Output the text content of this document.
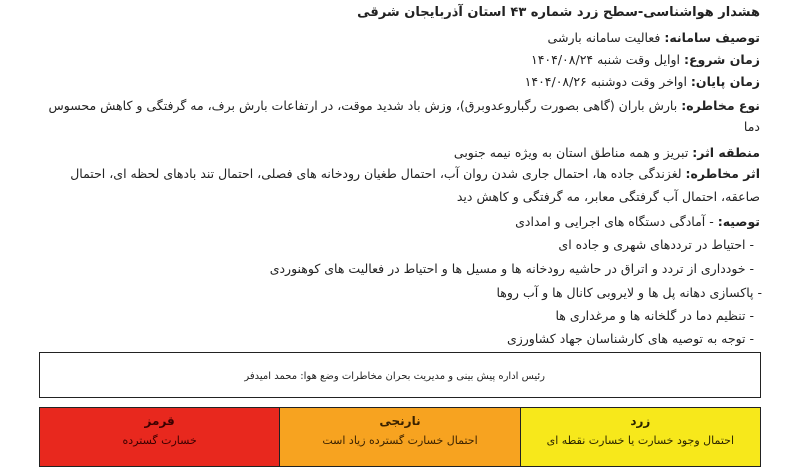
هشدار هواشناسی-سطح زرد شماره ۴۳ استان آذربایجان شرقی
توصیف سامانه: فعالیت سامانه بارشی
زمان شروع: اوایل وقت شنبه ۱۴۰۴/۰۸/۲۴
زمان پایان: اواخر وقت دوشنبه ۱۴۰۴/۰۸/۲۶
نوع مخاطره: بارش باران (گاهی بصورت رگبار‌وعدوبرق)، وزش باد شدید موقت، در ارتفاعات بارش برف، مه گرفتگی و کاهش محسوس
دما
منطقه اثر: تبریز و همه مناطق استان به ویژه نیمه جنوبی
اثر مخاطره: لغزندگی جاده ها، احتمال جاری شدن روان آب، احتمال طغیان رودخانه های فصلی، احتمال تند بادهای لحظه ای، احتمال
صاعقه، احتمال آب گرفتگی معابر، مه گرفتگی و کاهش دید
توصیه: - آمادگی دستگاه های اجرایی و امدادی
- احتیاط در ترددهای شهری و جاده ای
- خودداری از تردد و اتراق در حاشیه رودخانه ها و مسیل ها و احتیاط در فعالیت های کوهنوردی
- پاکسازی دهانه پل ها و لایروبی کانال ها و آب روها
- تنظیم دما در گلخانه ها و مرغداری ها
- توجه به توصیه های کارشناسان جهاد کشاورزی
رئیس اداره پیش بینی و مدیریت بحران مخاطرات وضع هوا: محمد امیدفر
قرمز
خسارت گسترده
نارنجی
احتمال خسارت گسترده زیاد است
زرد
احتمال وجود خسارت یا خسارت نقطه ای
